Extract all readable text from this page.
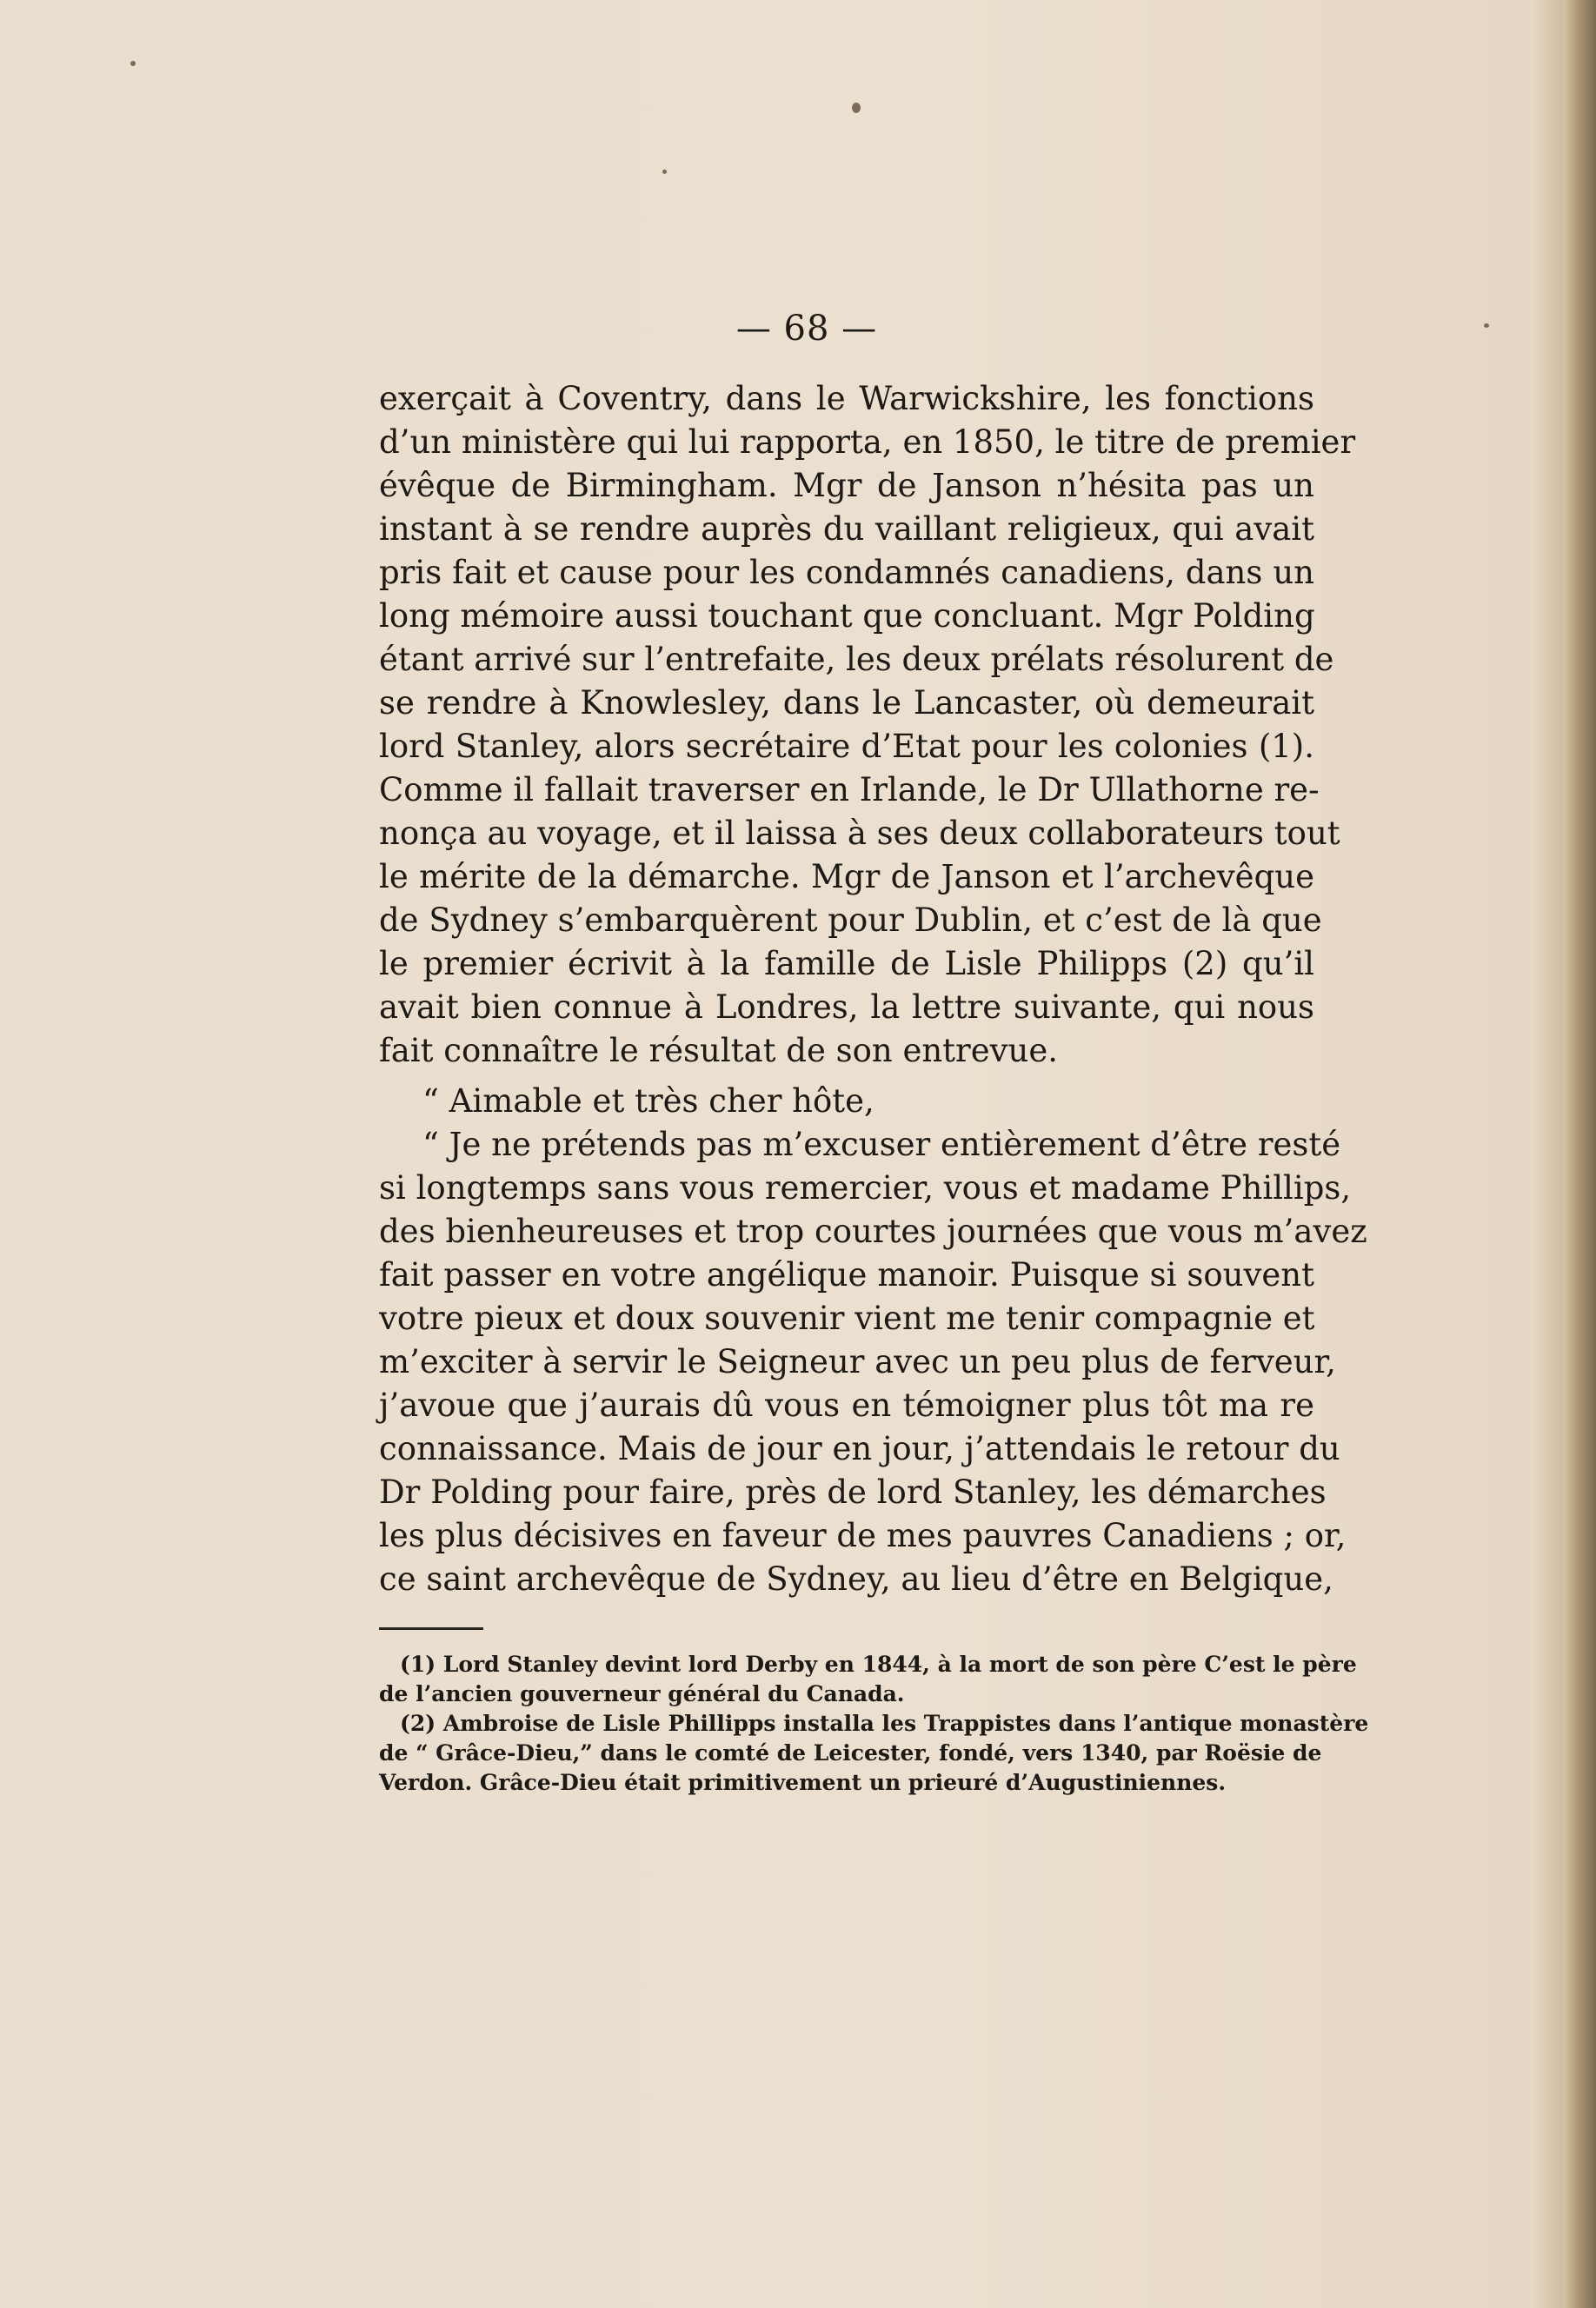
— 68 —
exerçait à Coventry, dans le Warwickshire, les fonctions
d’un ministère qui lui rapporta, en 1850, le titre de premier
évêque de Birmingham. Mgr de Janson n’hésita pas un
instant à se rendre auprès du vaillant religieux, qui avait
pris fait et cause pour les condamnés canadiens, dans un
long mémoire aussi touchant que concluant. Mgr Polding
étant arrivé sur l’entrefaite, les deux prélats résolurent de
se rendre à Knowlesley, dans le Lancaster, où demeurait
lord Stanley, alors secrétaire d’Etat pour les colonies (1).
Comme il fallait traverser en Irlande, le Dr Ullathorne re-
nonça au voyage, et il laissa à ses deux collaborateurs tout
le mérite de la démarche. Mgr de Janson et l’archevêque
de Sydney s’embarquèrent pour Dublin, et c’est de là que
le premier écrivit à la famille de Lisle Philipps (2) qu’il
avait bien connue à Londres, la lettre suivante, qui nous
fait connaître le résultat de son entrevue.
“ Aimable et très cher hôte,
“ Je ne prétends pas m’excuser entièrement d’être resté
si longtemps sans vous remercier, vous et madame Phillips,
des bienheureuses et trop courtes journées que vous m’avez
fait passer en votre angélique manoir. Puisque si souvent
votre pieux et doux souvenir vient me tenir compagnie et
m’exciter à servir le Seigneur avec un peu plus de ferveur,
j’avoue que j’aurais dû vous en témoigner plus tôt ma re
connaissance. Mais de jour en jour, j’attendais le retour du
Dr Polding pour faire, près de lord Stanley, les démarches
les plus décisives en faveur de mes pauvres Canadiens ; or,
ce saint archevêque de Sydney, au lieu d’être en Belgique,
(1) Lord Stanley devint lord Derby en 1844, à la mort de son père C’est le père
de l’ancien gouverneur général du Canada.
(2) Ambroise de Lisle Phillipps installa les Trappistes dans l’antique monastère
de “ Grâce-Dieu,” dans le comté de Leicester, fondé, vers 1340, par Roësie de
Verdon. Grâce-Dieu était primitivement un prieuré d’Augustiniennes.
